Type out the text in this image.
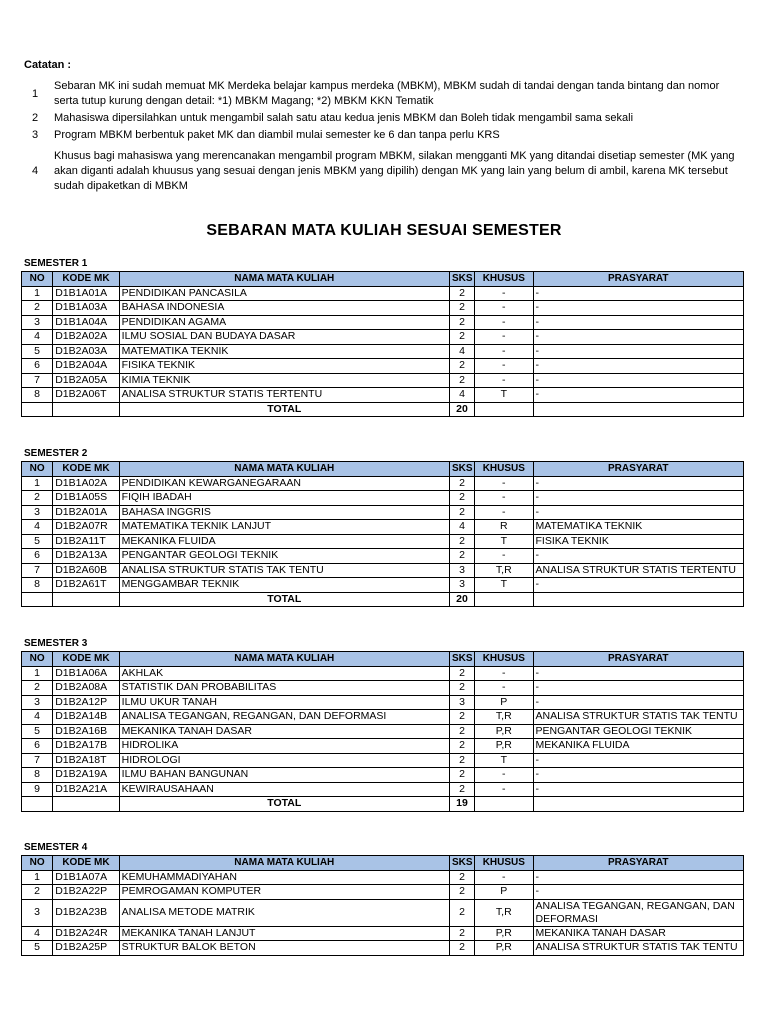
Catatan :
1
Sebaran MK ini sudah memuat MK Merdeka belajar kampus merdeka (MBKM), MBKM sudah di tandai dengan tanda bintang dan nomor serta tutup kurung dengan detail: *1) MBKM Magang; *2) MBKM KKN Tematik
2	Mahasiswa dipersilahkan untuk mengambil salah satu atau kedua jenis MBKM dan Boleh tidak mengambil sama sekali
3	Program MBKM berbentuk paket MK dan diambil mulai semester ke 6 dan tanpa perlu KRS
4
Khusus bagi mahasiswa yang merencanakan mengambil program MBKM, silakan mengganti MK yang ditandai disetiap semester (MK yang akan diganti adalah khuusus yang sesuai dengan jenis MBKM yang dipilih) dengan MK yang lain yang belum di ambil, karena MK tersebut sudah dipaketkan di MBKM
SEBARAN MATA KULIAH SESUAI SEMESTER
SEMESTER 1
NO	KODE MK	NAMA MATA KULIAH	SKS	KHUSUS	PRASYARAT
1	D1B1A01A	PENDIDIKAN PANCASILA	2	-	-
2	D1B1A03A	BAHASA INDONESIA	2	-	-
3	D1B1A04A	PENDIDIKAN AGAMA	2	-	-
4	D1B2A02A	ILMU SOSIAL DAN BUDAYA DASAR	2	-	-
5	D1B2A03A	MATEMATIKA TEKNIK	4	-	-
6	D1B2A04A	FISIKA TEKNIK	2	-	-
7	D1B2A05A	KIMIA TEKNIK	2	-	-
8	D1B2A06T	ANALISA STRUKTUR STATIS TERTENTU	4	T	-
		TOTAL	20		
SEMESTER 2
NO	KODE MK	NAMA MATA KULIAH	SKS	KHUSUS	PRASYARAT
1	D1B1A02A	PENDIDIKAN KEWARGANEGARAAN	2	-	-
2	D1B1A05S	FIQIH IBADAH	2	-	-
3	D1B2A01A	BAHASA INGGRIS	2	-	-
4	D1B2A07R	MATEMATIKA TEKNIK LANJUT	4	R	MATEMATIKA TEKNIK
5	D1B2A11T	MEKANIKA FLUIDA	2	T	FISIKA TEKNIK
6	D1B2A13A	PENGANTAR GEOLOGI TEKNIK	2	-	-
7	D1B2A60B	ANALISA STRUKTUR STATIS TAK TENTU	3	T,R	ANALISA STRUKTUR STATIS TERTENTU
8	D1B2A61T	MENGGAMBAR TEKNIK	3	T	-
		TOTAL	20		
SEMESTER 3
NO	KODE MK	NAMA MATA KULIAH	SKS	KHUSUS	PRASYARAT
1	D1B1A06A	AKHLAK	2	-	-
2	D1B2A08A	STATISTIK DAN PROBABILITAS	2	-	-
3	D1B2A12P	ILMU UKUR TANAH	3	P	-
4	D1B2A14B	ANALISA TEGANGAN, REGANGAN, DAN DEFORMASI	2	T,R	ANALISA STRUKTUR STATIS TAK TENTU
5	D1B2A16B	MEKANIKA TANAH DASAR	2	P,R	PENGANTAR GEOLOGI TEKNIK
6	D1B2A17B	HIDROLIKA	2	P,R	MEKANIKA FLUIDA
7	D1B2A18T	HIDROLOGI	2	T	-
8	D1B2A19A	ILMU BAHAN BANGUNAN	2	-	-
9	D1B2A21A	KEWIRAUSAHAAN	2	-	-
		TOTAL	19		
SEMESTER 4
NO	KODE MK	NAMA MATA KULIAH	SKS	KHUSUS	PRASYARAT
1	D1B1A07A	KEMUHAMMADIYAHAN	2	-	-
2	D1B2A22P	PEMROGAMAN KOMPUTER	2	P	-
3	D1B2A23B	ANALISA METODE MATRIK	2	T,R	ANALISA TEGANGAN, REGANGAN, DAN DEFORMASI
4	D1B2A24R	MEKANIKA TANAH LANJUT	2	P,R	MEKANIKA TANAH DASAR
5	D1B2A25P	STRUKTUR BALOK BETON	2	P,R	ANALISA STRUKTUR STATIS TAK TENTU
